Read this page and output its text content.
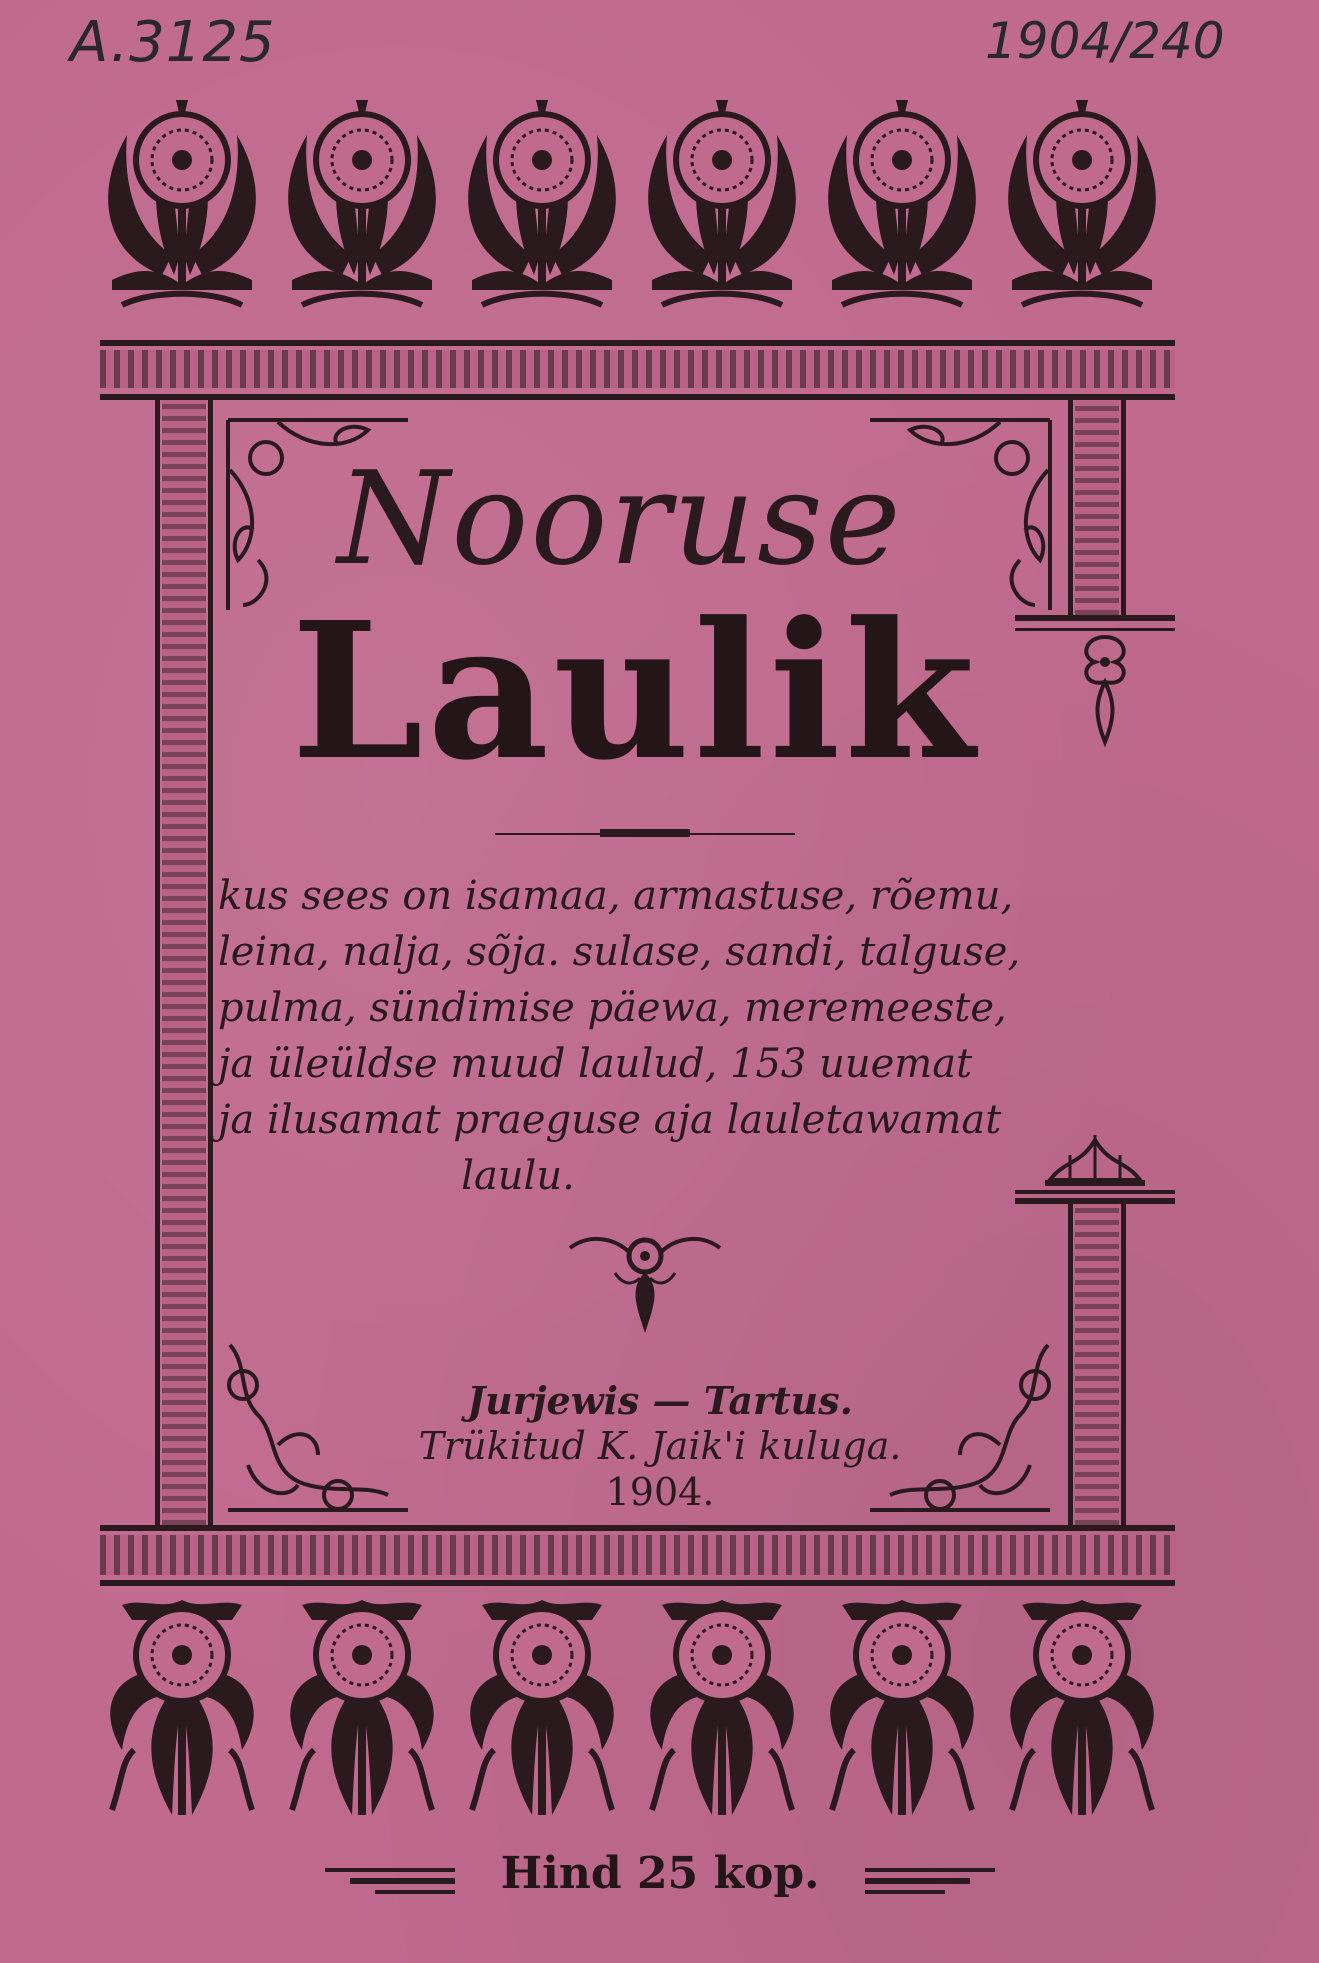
A.3125	1904/240
Nooruse
Laulik
kus sees on isamaa, armastuse, rõemu,
leina, nalja, sõja. sulase, sandi, talguse,
pulma, sündimise päewa, meremeeste,
ja üleüldse muud laulud, 153 uuemat
ja ilusamat praeguse aja lauletawamat
laulu.
Jurjewis — Tartus.
Trükitud K. Jaik'i kuluga.
1904.
Hind 25 kop.
